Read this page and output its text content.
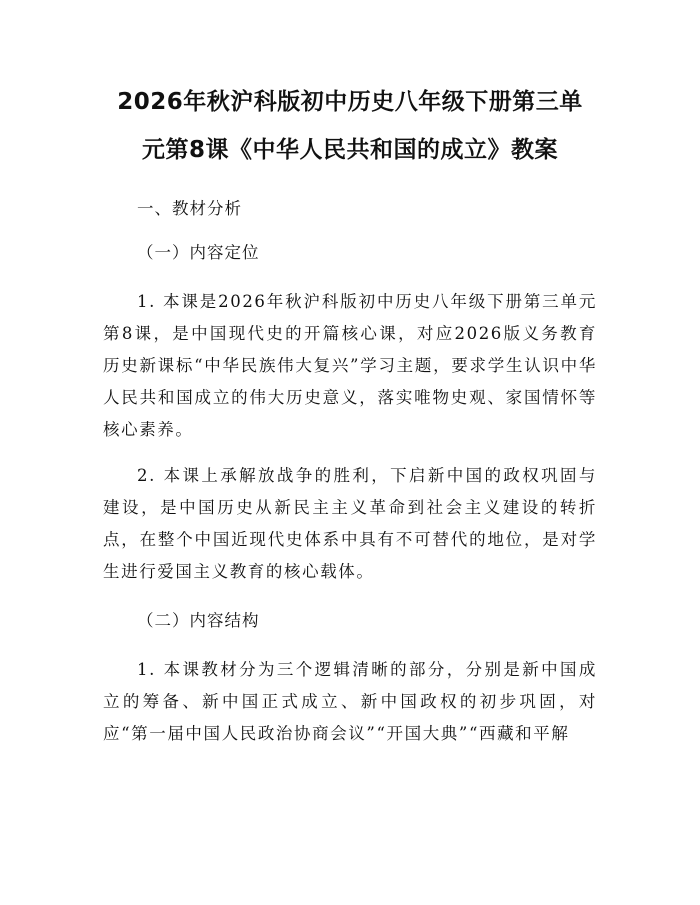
2026年秋沪科版初中历史八年级下册第三单
元第8课《中华人民共和国的成立》教案

一、教材分析

（一）内容定位

1. 本课是2026年秋沪科版初中历史八年级下册第三单元第8课，是中国现代史的开篇核心课，对应2026版义务教育历史新课标“中华民族伟大复兴”学习主题，要求学生认识中华人民共和国成立的伟大历史意义，落实唯物史观、家国情怀等核心素养。

2. 本课上承解放战争的胜利，下启新中国的政权巩固与建设，是中国历史从新民主主义革命到社会主义建设的转折点，在整个中国近现代史体系中具有不可替代的地位，是对学生进行爱国主义教育的核心载体。

（二）内容结构

1. 本课教材分为三个逻辑清晰的部分，分别是新中国成立的筹备、新中国正式成立、新中国政权的初步巩固，对应“第一届中国人民政治协商会议”“开国大典”“西藏和平解
